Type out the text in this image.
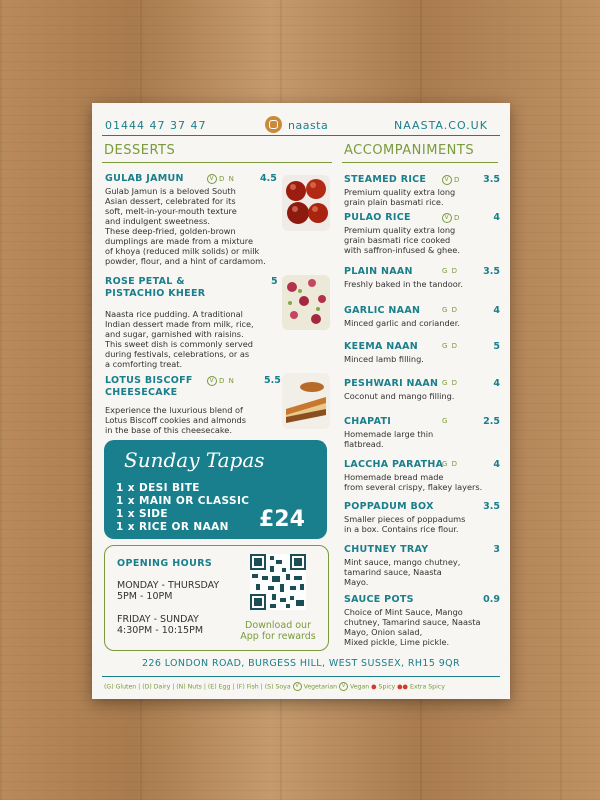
01444 47 37 47	naasta	NAASTA.CO.UK
DESSERTS
GULAB JAMUN	V D N	4.5
Gulab Jamun is a beloved South
Asian dessert, celebrated for its
soft, melt-in-your-mouth texture
and indulgent sweetness.
These deep-fried, golden-brown
dumplings are made from a mixture
of khoya (reduced milk solids) or milk
powder, flour, and a hint of cardamom.
ROSE PETAL &
PISTACHIO KHEER
5
Naasta rice pudding. A traditional
Indian dessert made from milk, rice,
and sugar, garnished with raisins.
This sweet dish is commonly served
during festivals, celebrations, or as
a comforting treat.
LOTUS BISCOFF
CHEESECAKE
V D N	5.5
Experience the luxurious blend of
Lotus Biscoff cookies and almonds
in the base of this cheesecake.
Sunday Tapas
1 x DESI BITE
1 x MAIN OR CLASSIC
1 x SIDE
1 x RICE OR NAAN	£24
OPENING HOURS
MONDAY - THURSDAY
5PM - 10PM
FRIDAY - SUNDAY
4:30PM - 10:15PM	Download our
App for rewards
ACCOMPANIMENTS
STEAMED RICE	V D 3.5
Premium quality extra long
grain plain basmati rice.
PULAO RICE	V D	4
Premium quality extra long
grain basmati rice cooked
with saffron-infused & ghee.
PLAIN NAAN	G D	3.5
Freshly baked in the tandoor.
GARLIC NAAN	G D	4
Minced garlic and coriander.
KEEMA NAAN	G D	5
Minced lamb filling.
PESHWARI NAAN G D	4
Coconut and mango filling.
CHAPATI	G	2.5
Homemade large thin
flatbread.
LACCHA PARATHA
G D	4
Homemade bread made
from several crispy, flakey layers.
POPPADUM BOX	3.5
Smaller pieces of poppadums
in a box. Contains rice flour.
CHUTNEY TRAY	3
Mint sauce, mango chutney,
tamarind sauce, Naasta
Mayo.
SAUCE POTS	0.9
Choice of Mint Sauce, Mango
chutney, Tamarind sauce, Naasta
Mayo, Onion salad,
Mixed pickle, Lime pickle.
226 LONDON ROAD, BURGESS HILL, WEST SUSSEX, RH15 9QR
(G) Gluten | (D) Dairy | (N) Nuts | (E) Egg | (F) Fish | (S) Soya V Vegetarian V Vegan ● Spicy ●● Extra Spicy
